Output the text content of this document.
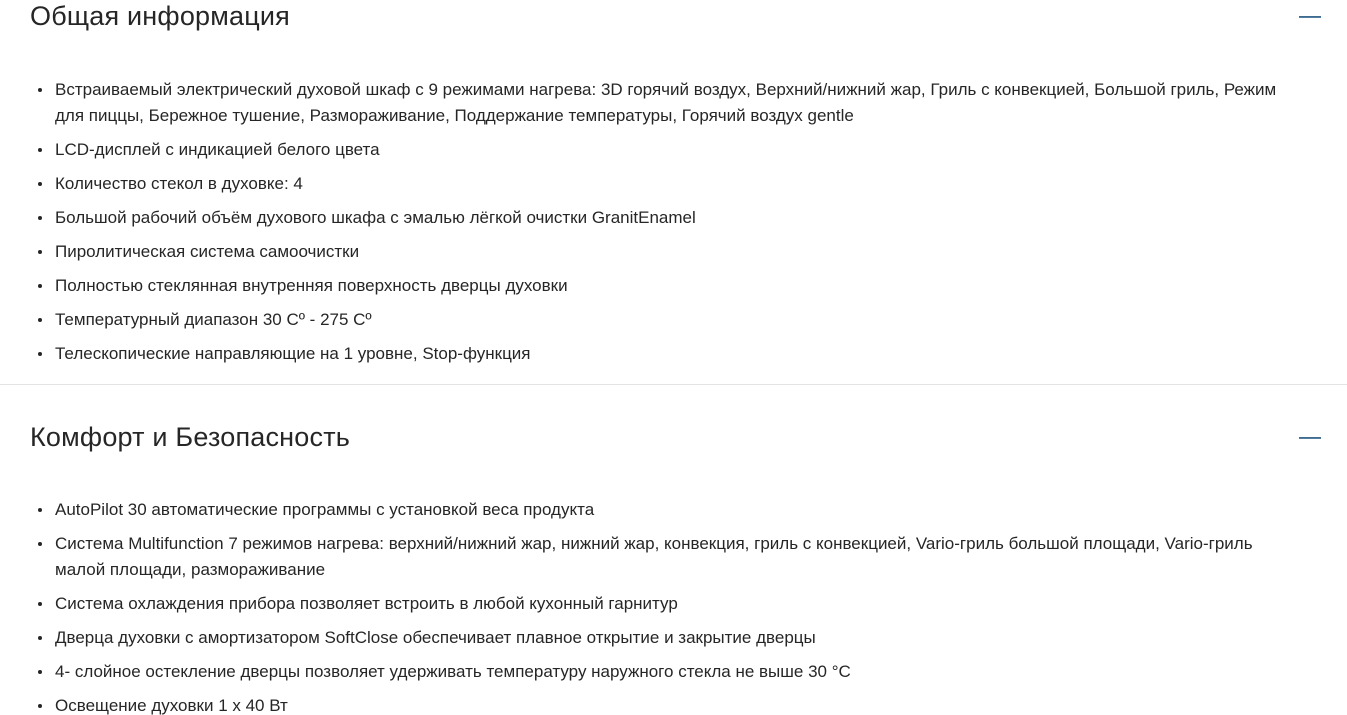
Общая информация
Встраиваемый электрический духовой шкаф с 9 режимами нагрева: 3D горячий воздух, Верхний/нижний жар, Гриль с конвекцией, Большой гриль, Режим для пиццы, Бережное тушение, Размораживание, Поддержание температуры, Горячий воздух gentle
LCD-дисплей с индикацией белого цвета
Количество стекол в духовке: 4
Большой рабочий объём духового шкафа с эмалью лёгкой очистки GranitEnamel
Пиролитическая система самоочистки
Полностью стеклянная внутренняя поверхность дверцы духовки
Температурный диапазон 30 Cº - 275 Cº
Телескопические направляющие на 1 уровне, Stop-функция
Комфорт и Безопасность
AutoPilot 30 автоматические программы с установкой веса продукта
Система Multifunction 7 режимов нагрева: верхний/нижний жар, нижний жар, конвекция, гриль с конвекцией, Vario-гриль большой площади, Vario-гриль малой площади, размораживание
Система охлаждения прибора позволяет встроить в любой кухонный гарнитур
Дверца духовки с амортизатором SoftClose обеспечивает плавное открытие и закрытие дверцы
4- слойное остекление дверцы позволяет удерживать температуру наружного стекла не выше 30 °C
Освещение духовки 1 x 40 Вт
